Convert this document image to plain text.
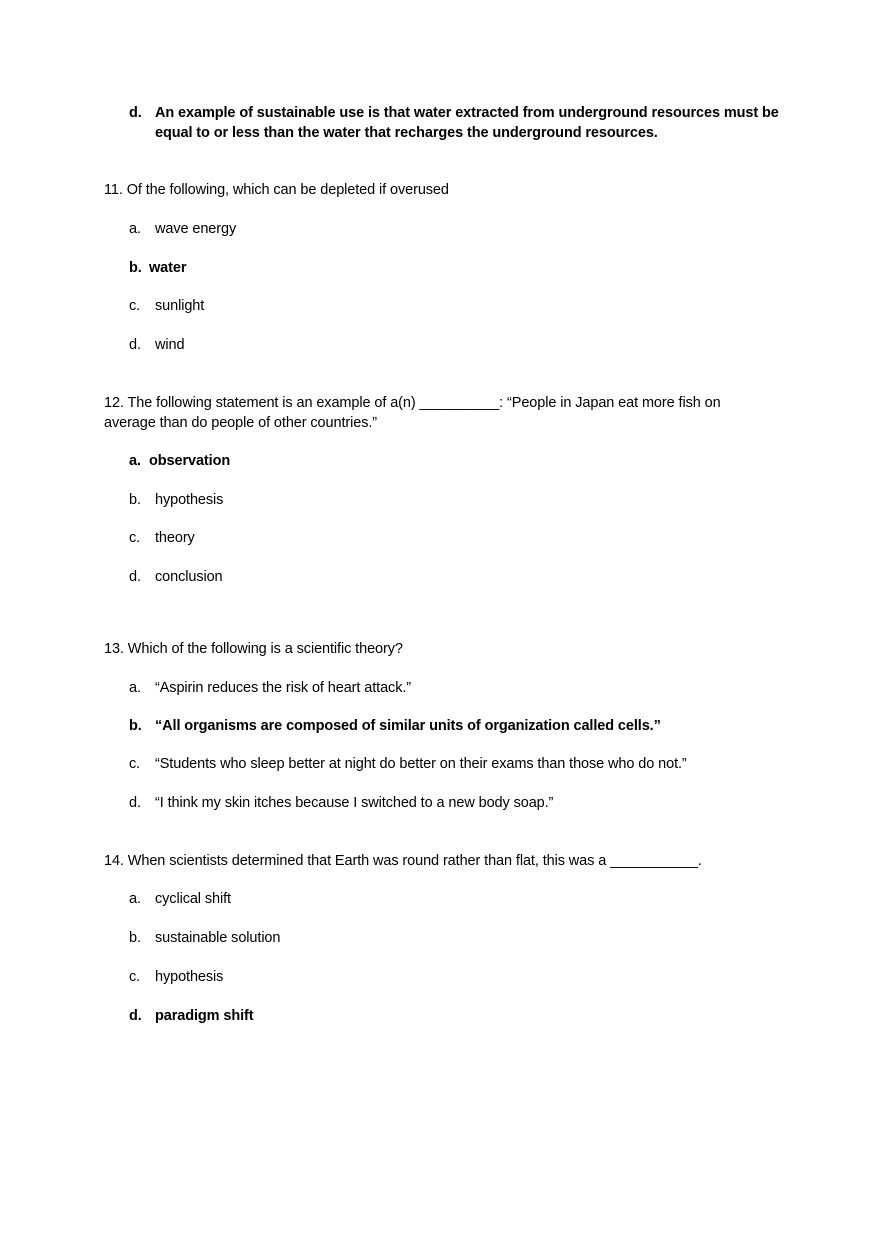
d. An example of sustainable use is that water extracted from underground resources must be equal to or less than the water that recharges the underground resources.
11. Of the following, which can be depleted if overused
a. wave energy
b. water
c. sunlight
d. wind
12. The following statement is an example of a(n) __________: “People in Japan eat more fish on
average than do people of other countries.”
a. observation
b. hypothesis
c. theory
d. conclusion
13. Which of the following is a scientific theory?
a. “Aspirin reduces the risk of heart attack.”
b. “All organisms are composed of similar units of organization called cells.”
c. “Students who sleep better at night do better on their exams than those who do not.”
d. “I think my skin itches because I switched to a new body soap.”
14. When scientists determined that Earth was round rather than flat, this was a ___________.
a. cyclical shift
b. sustainable solution
c. hypothesis
d. paradigm shift
